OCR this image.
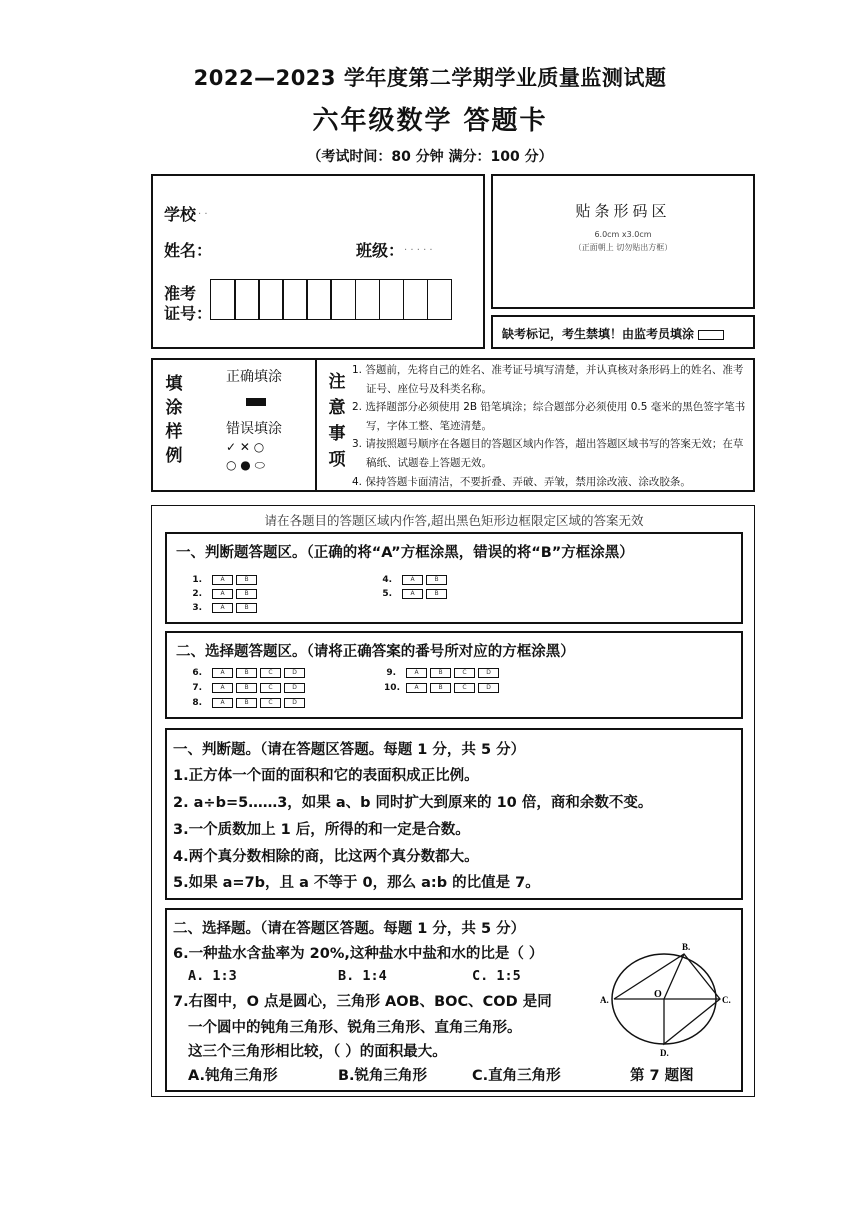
2022—2023 学年度第二学期学业质量监测试题
六年级数学 答题卡
（考试时间：80 分钟 满分：100 分）
学校 . .
姓名：	班级： . . . . .
准考
证号：
贴条形码区
6.0cm x3.0cm
（正面朝上 切勿贴出方框）
缺考标记，考生禁填！由监考员填涂
填
涂
样
例
正确填涂
错误填涂
✓ ✕ ○
○ ● ⬭
注
意
事
项
1. 答题前，先将自己的姓名、准考证号填写清楚，并认真核对条形码上的姓名、准考证号、座位号及科类名称。
2. 选择题部分必须使用 2B 铅笔填涂；综合题部分必须使用 0.5 毫米的黑色签字笔书写，字体工整、笔迹清楚。
3. 请按照题号顺序在各题目的答题区域内作答，超出答题区域书写的答案无效；在草稿纸、试题卷上答题无效。
4. 保持答题卡面清洁，不要折叠、弄破、弄皱，禁用涂改液、涂改胶条。
请在各题目的答题区域内作答,超出黑色矩形边框限定区域的答案无效
一、判断题答题区。（正确的将“A”方框涂黑，错误的将“B”方框涂黑）
1.	A	B
2.	A	B
3.	A	B
4.	A	B
5.	A	B
二、选择题答题区。（请将正确答案的番号所对应的方框涂黑）
6.	A	B	C	D
7.	A	B	C	D
8.	A	B	C	D
9.	A	B	C	D
10.	A	B	C	D
一、判断题。（请在答题区答题。每题 1 分，共 5 分）
1.正方体一个面的面积和它的表面积成正比例。
2. a÷b=5……3，如果 a、b 同时扩大到原来的 10 倍，商和余数不变。
3.一个质数加上 1 后，所得的和一定是合数。
4.两个真分数相除的商，比这两个真分数都大。
5.如果 a=7b，且 a 不等于 0，那么 a:b 的比值是 7。
二、选择题。（请在答题区答题。每题 1 分，共 5 分）
6.一种盐水含盐率为 20%,这种盐水中盐和水的比是（ ）
A. 1:3	B. 1:4	C. 1:5
7.右图中，O 点是圆心，三角形 AOB、BOC、COD 是同
一个圆中的钝角三角形、锐角三角形、直角三角形。
这三个三角形相比较，（ ）的面积最大。
A.钝角三角形	B.锐角三角形	C.直角三角形
A.
B.
C.
D.
O
第 7 题图
